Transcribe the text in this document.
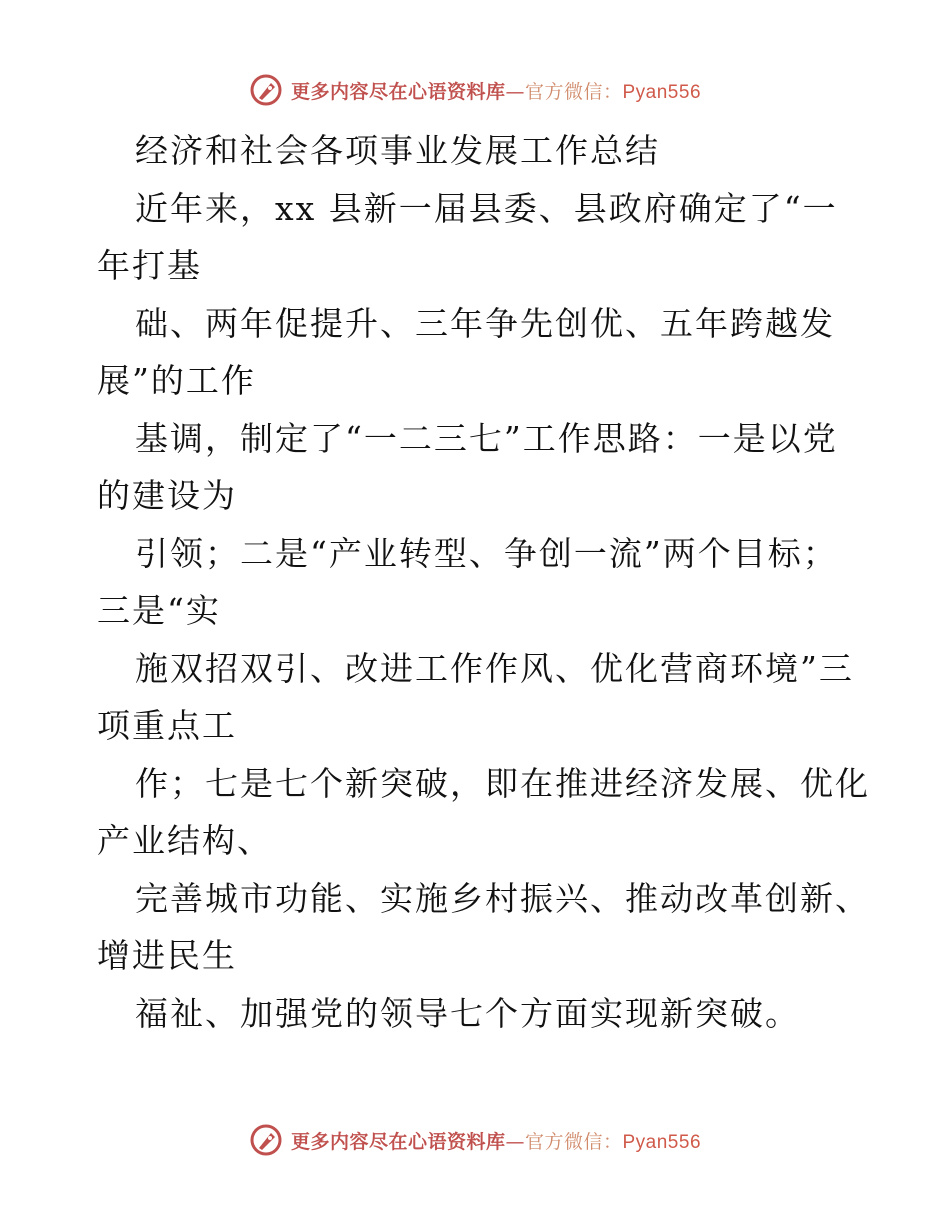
更多内容尽在心语资料库—官方微信：Pyan556
经济和社会各项事业发展工作总结
近年来，xx 县新一届县委、县政府确定了“一
年打基
础、两年促提升、三年争先创优、五年跨越发
展”的工作
基调，制定了“一二三七”工作思路：一是以党
的建设为
引领；二是“产业转型、争创一流”两个目标；
三是“实
施双招双引、改进工作作风、优化营商环境”三
项重点工
作；七是七个新突破，即在推进经济发展、优化
产业结构、
完善城市功能、实施乡村振兴、推动改革创新、
增进民生
福祉、加强党的领导七个方面实现新突破。
更多内容尽在心语资料库—官方微信：Pyan556
